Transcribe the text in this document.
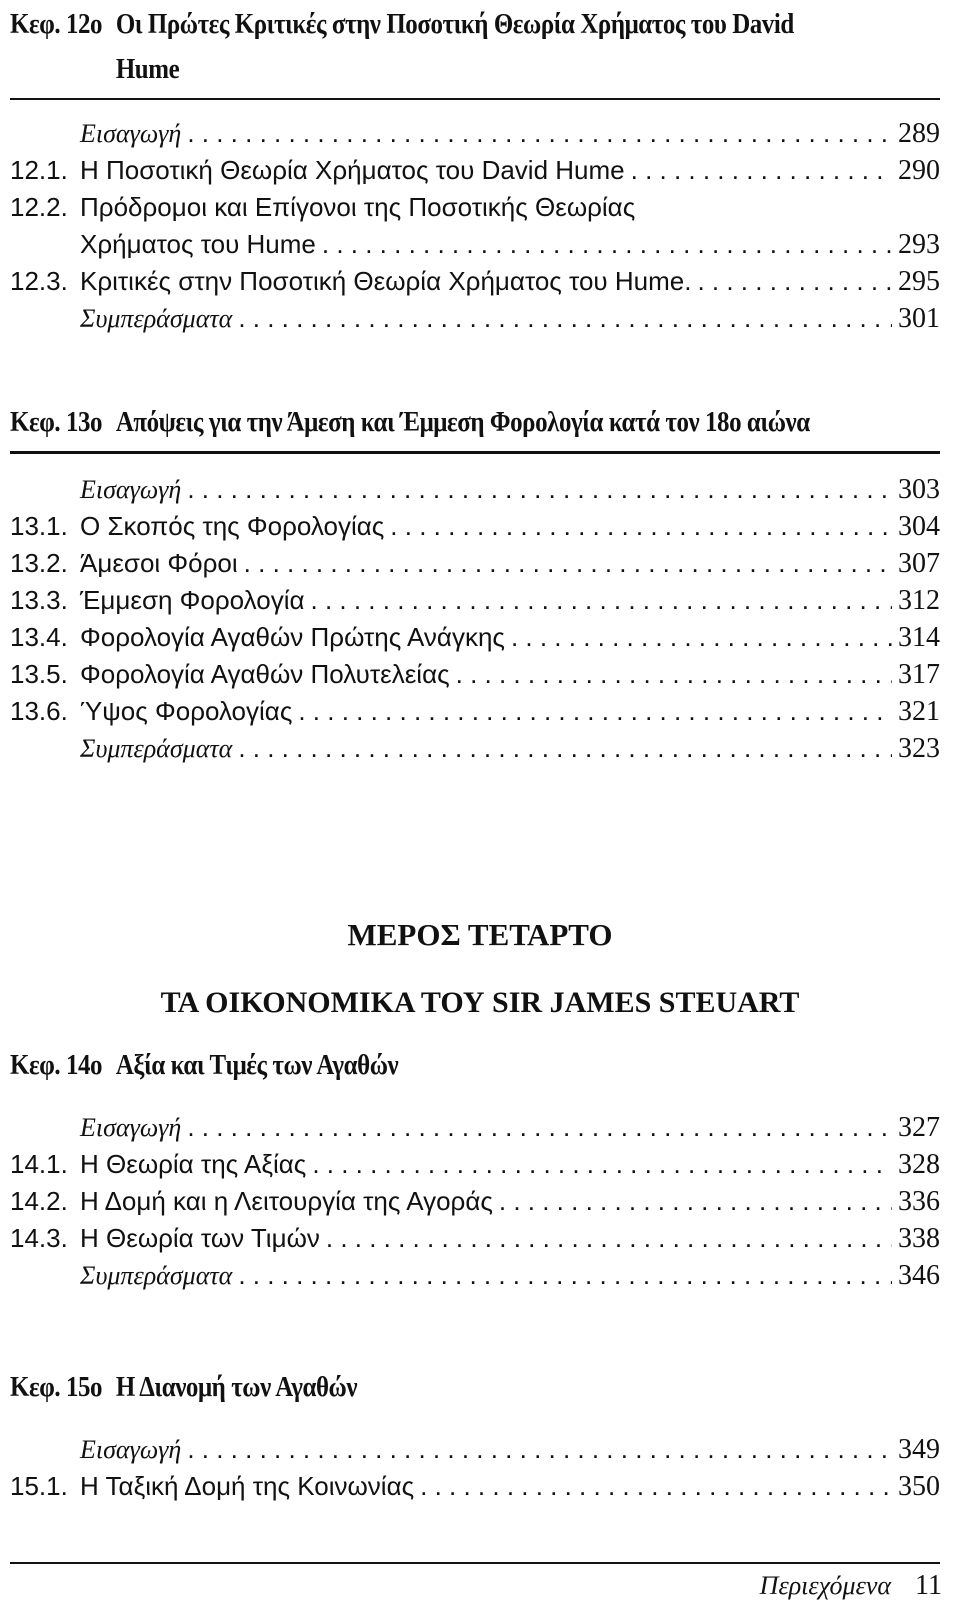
Κεφ. 12ο Οι Πρώτες Κριτικές στην Ποσοτική Θεωρία Χρήματος του David Hume
Εισαγωγή . . .	289
12.1. Η Ποσοτική Θεωρία Χρήματος του David Hume . . .	290
12.2. Πρόδρομοι και Επίγονοι της Ποσοτικής Θεωρίας
Χρήματος του Hume . . .	293
12.3. Κριτικές στην Ποσοτική Θεωρία Χρήματος του Hume. . . .	295
Συμπεράσματα . . .	301
Κεφ. 13ο Απόψεις για την Άμεση και Έμμεση Φορολογία κατά τον 18ο αιώνα
Εισαγωγή . . .	303
13.1. Ο Σκοπός της Φορολογίας . . .	304
13.2. Άμεσοι Φόροι . . .	307
13.3. Έμμεση Φορολογία . . .	312
13.4. Φορολογία Αγαθών Πρώτης Ανάγκης . . .	314
13.5. Φορολογία Αγαθών Πολυτελείας . . .	317
13.6. Ύψος Φορολογίας . . .	321
Συμπεράσματα . . .	323
ΜΕΡΟΣ ΤΕΤΑΡΤΟ
ΤΑ ΟΙΚΟΝΟΜΙΚΑ ΤΟΥ SIR JAMES STEUART
Κεφ. 14ο Αξία και Τιμές των Αγαθών
Εισαγωγή . . .	327
14.1. Η Θεωρία της Αξίας . . .	328
14.2. Η Δομή και η Λειτουργία της Αγοράς . . .	336
14.3. Η Θεωρία των Τιμών . . .	338
Συμπεράσματα . . .	346
Κεφ. 15ο Η Διανομή των Αγαθών
Εισαγωγή . . .	349
15.1. Η Ταξική Δομή της Κοινωνίας . . .	350
Περιεχόμενα 11
